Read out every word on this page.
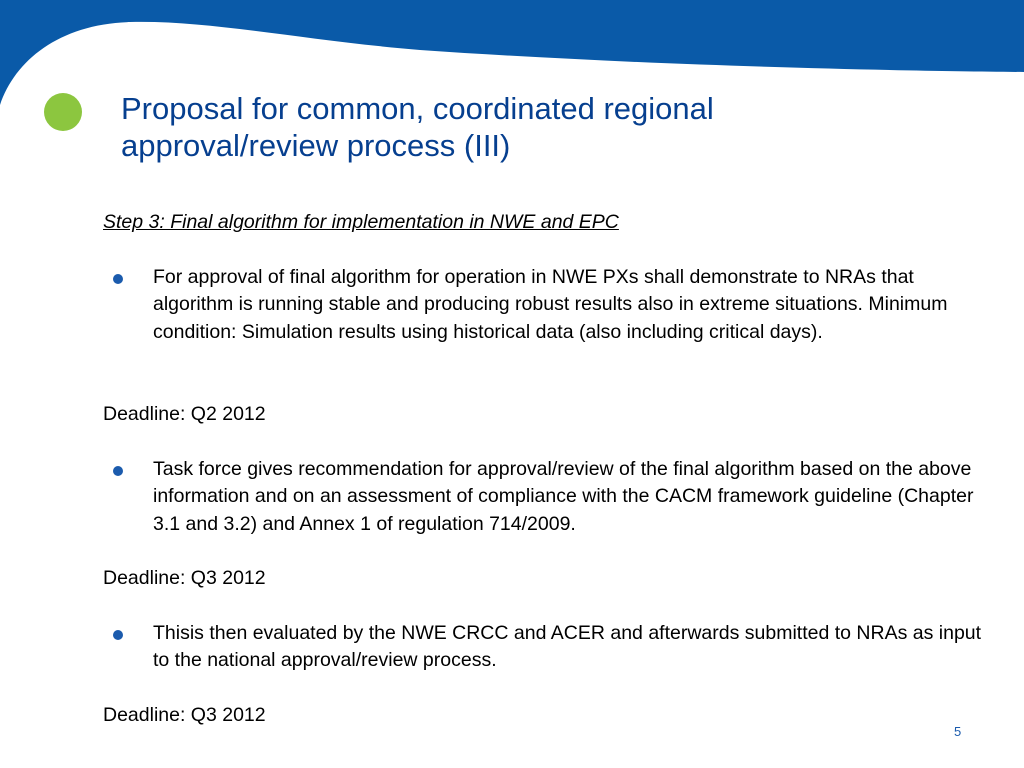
Proposal for common, coordinated regional
approval/review process (III)
Step 3: Final algorithm for implementation in NWE and EPC
For approval of final algorithm for operation in NWE PXs shall demonstrate to NRAs that algorithm is running stable and producing robust results also in extreme situations. Minimum condition: Simulation results using historical data (also including critical days).
Deadline: Q2 2012
Task force gives recommendation for approval/review of the final algorithm based on the above information and on an assessment of compliance with the CACM framework guideline (Chapter 3.1 and 3.2) and Annex 1 of regulation 714/2009.
Deadline: Q3 2012
Thisis then evaluated by the NWE CRCC and ACER and afterwards submitted to NRAs as input to the national approval/review process.
Deadline: Q3 2012
5
